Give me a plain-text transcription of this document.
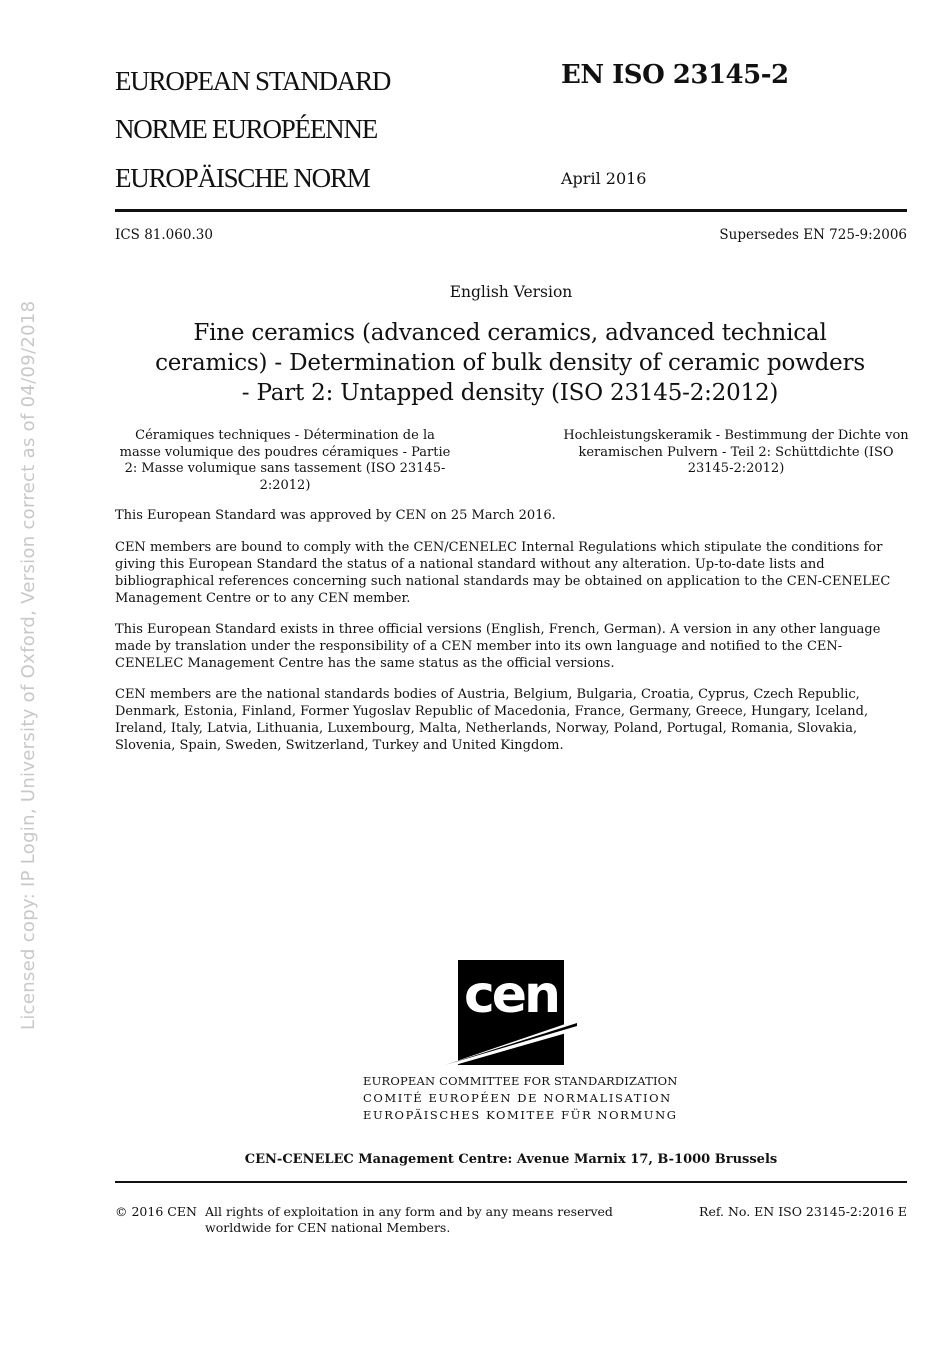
Licensed copy: IP Login, University of Oxford, Version correct as of 04/09/2018
EUROPEAN STANDARD
NORME EUROPÉENNE
EUROPÄISCHE NORM
EN ISO 23145-2
April 2016
ICS 81.060.30	Supersedes EN 725-9:2006
English Version
Fine ceramics (advanced ceramics, advanced technical ceramics) - Determination of bulk density of ceramic powders - Part 2: Untapped density (ISO 23145-2:2012)
Céramiques techniques - Détermination de la masse volumique des poudres céramiques - Partie 2: Masse volumique sans tassement (ISO 23145-2:2012)
Hochleistungskeramik - Bestimmung der Dichte von keramischen Pulvern - Teil 2: Schüttdichte (ISO 23145-2:2012)
This European Standard was approved by CEN on 25 March 2016.
CEN members are bound to comply with the CEN/CENELEC Internal Regulations which stipulate the conditions for giving this European Standard the status of a national standard without any alteration. Up-to-date lists and bibliographical references concerning such national standards may be obtained on application to the CEN-CENELEC Management Centre or to any CEN member.
This European Standard exists in three official versions (English, French, German). A version in any other language made by translation under the responsibility of a CEN member into its own language and notified to the CEN-CENELEC Management Centre has the same status as the official versions.
CEN members are the national standards bodies of Austria, Belgium, Bulgaria, Croatia, Cyprus, Czech Republic, Denmark, Estonia, Finland, Former Yugoslav Republic of Macedonia, France, Germany, Greece, Hungary, Iceland, Ireland, Italy, Latvia, Lithuania, Luxembourg, Malta, Netherlands, Norway, Poland, Portugal, Romania, Slovakia, Slovenia, Spain, Sweden, Switzerland, Turkey and United Kingdom.
cen
EUROPEAN COMMITTEE FOR STANDARDIZATION
COMITÉ EUROPÉEN DE NORMALISATION
EUROPÄISCHES KOMITEE FÜR NORMUNG
CEN-CENELEC Management Centre: Avenue Marnix 17, B-1000 Brussels
© 2016 CEN All rights of exploitation in any form and by any means reserved
worldwide for CEN national Members.
Ref. No. EN ISO 23145-2:2016 E
